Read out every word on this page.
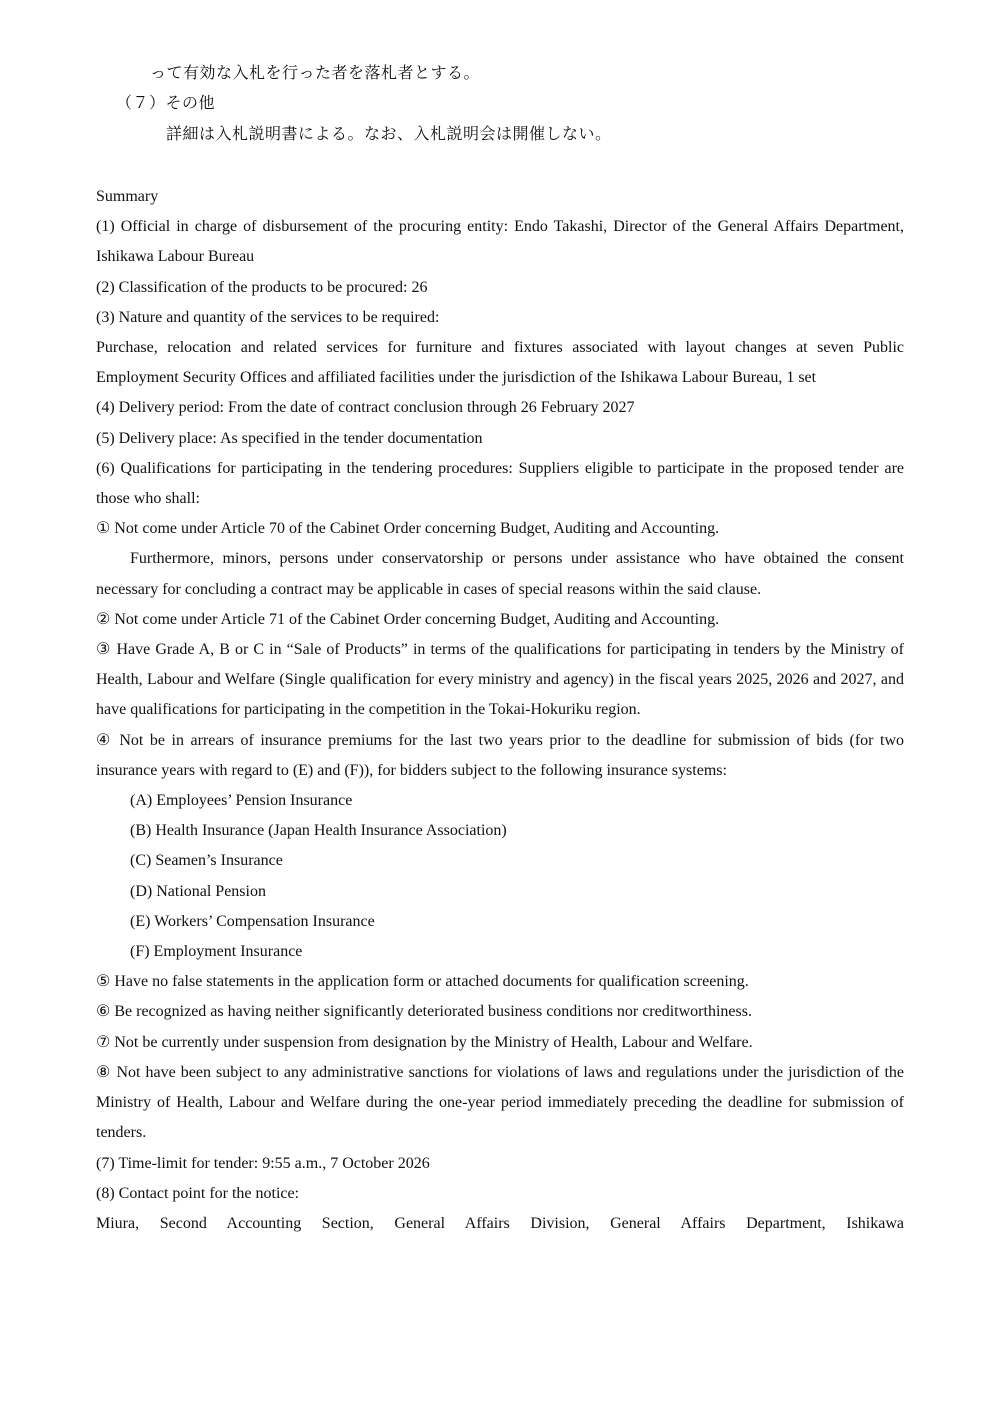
って有効な入札を行った者を落札者とする。
（７）その他
詳細は入札説明書による。なお、入札説明会は開催しない。

Summary

(1) Official in charge of disbursement of the procuring entity: Endo Takashi, Director of the General Affairs Department, Ishikawa Labour Bureau

(2) Classification of the products to be procured: 26

(3) Nature and quantity of the services to be required:

Purchase, relocation and related services for furniture and fixtures associated with layout changes at seven Public Employment Security Offices and affiliated facilities under the jurisdiction of the Ishikawa Labour Bureau, 1 set

(4) Delivery period: From the date of contract conclusion through 26 February 2027

(5) Delivery place: As specified in the tender documentation

(6) Qualifications for participating in the tendering procedures: Suppliers eligible to participate in the proposed tender are those who shall:

① Not come under Article 70 of the Cabinet Order concerning Budget, Auditing and Accounting.

Furthermore, minors, persons under conservatorship or persons under assistance who have obtained the consent necessary for concluding a contract may be applicable in cases of special reasons within the said clause.

② Not come under Article 71 of the Cabinet Order concerning Budget, Auditing and Accounting.

③ Have Grade A, B or C in “Sale of Products” in terms of the qualifications for participating in tenders by the Ministry of Health, Labour and Welfare (Single qualification for every ministry and agency) in the fiscal years 2025, 2026 and 2027, and have qualifications for participating in the competition in the Tokai-Hokuriku region.

④ Not be in arrears of insurance premiums for the last two years prior to the deadline for submission of bids (for two insurance years with regard to (E) and (F)), for bidders subject to the following insurance systems:

(A) Employees’ Pension Insurance

(B) Health Insurance (Japan Health Insurance Association)

(C) Seamen’s Insurance

(D) National Pension

(E) Workers’ Compensation Insurance

(F) Employment Insurance

⑤ Have no false statements in the application form or attached documents for qualification screening.

⑥ Be recognized as having neither significantly deteriorated business conditions nor creditworthiness.

⑦ Not be currently under suspension from designation by the Ministry of Health, Labour and Welfare.

⑧ Not have been subject to any administrative sanctions for violations of laws and regulations under the jurisdiction of the Ministry of Health, Labour and Welfare during the one-year period immediately preceding the deadline for submission of tenders.

(7) Time-limit for tender: 9:55 a.m., 7 October 2026

(8) Contact point for the notice:

Miura, Second Accounting Section, General Affairs Division, General Affairs Department, Ishikawa
